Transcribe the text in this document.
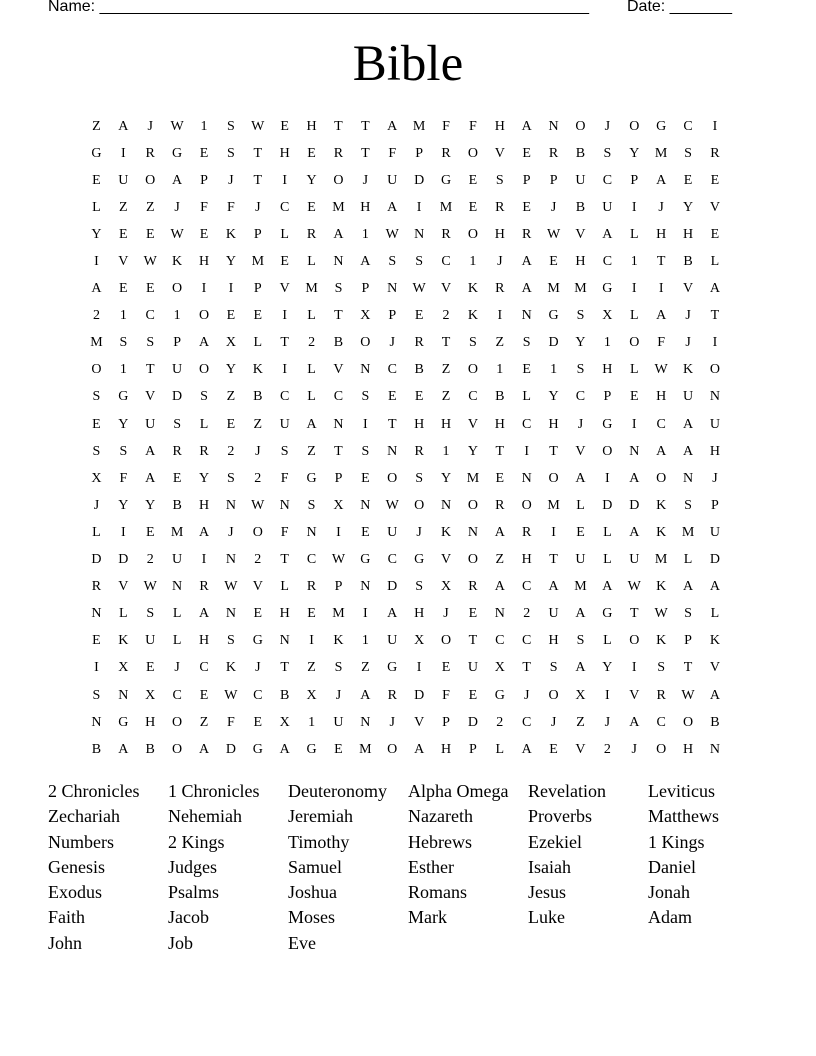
Name: _______________________________________________________ Date: _______
Bible
Z	A	J	W	1	S	W	E	H	T	T	A	M	F	F	H	A	N	O	J	O	G	C	I
G	I	R	G	E	S	T	H	E	R	T	F	P	R	O	V	E	R	B	S	Y	M	S	R
E	U	O	A	P	J	T	I	Y	O	J	U	D	G	E	S	P	P	U	C	P	A	E	E
L	Z	Z	J	F	F	J	C	E	M	H	A	I	M	E	R	E	J	B	U	I	J	Y	V
Y	E	E	W	E	K	P	L	R	A	1	W	N	R	O	H	R	W	V	A	L	H	H	E
I	V	W	K	H	Y	M	E	L	N	A	S	S	C	1	J	A	E	H	C	1	T	B	L
A	E	E	O	I	I	P	V	M	S	P	N	W	V	K	R	A	M	M	G	I	I	V	A
2	1	C	1	O	E	E	I	L	T	X	P	E	2	K	I	N	G	S	X	L	A	J	T
M	S	S	P	A	X	L	T	2	B	O	J	R	T	S	Z	S	D	Y	1	O	F	J	I
O	1	T	U	O	Y	K	I	L	V	N	C	B	Z	O	1	E	1	S	H	L	W	K	O
S	G	V	D	S	Z	B	C	L	C	S	E	E	Z	C	B	L	Y	C	P	E	H	U	N
E	Y	U	S	L	E	Z	U	A	N	I	T	H	H	V	H	C	H	J	G	I	C	A	U
S	S	A	R	R	2	J	S	Z	T	S	N	R	1	Y	T	I	T	V	O	N	A	A	H
X	F	A	E	Y	S	2	F	G	P	E	O	S	Y	M	E	N	O	A	I	A	O	N	J
J	Y	Y	B	H	N	W	N	S	X	N	W	O	N	O	R	O	M	L	D	D	K	S	P
L	I	E	M	A	J	O	F	N	I	E	U	J	K	N	A	R	I	E	L	A	K	M	U
D	D	2	U	I	N	2	T	C	W	G	C	G	V	O	Z	H	T	U	L	U	M	L	D
R	V	W	N	R	W	V	L	R	P	N	D	S	X	R	A	C	A	M	A	W	K	A	A
N	L	S	L	A	N	E	H	E	M	I	A	H	J	E	N	2	U	A	G	T	W	S	L
E	K	U	L	H	S	G	N	I	K	1	U	X	O	T	C	C	H	S	L	O	K	P	K
I	X	E	J	C	K	J	T	Z	S	Z	G	I	E	U	X	T	S	A	Y	I	S	T	V
S	N	X	C	E	W	C	B	X	J	A	R	D	F	E	G	J	O	X	I	V	R	W	A
N	G	H	O	Z	F	E	X	1	U	N	J	V	P	D	2	C	J	Z	J	A	C	O	B
B	A	B	O	A	D	G	A	G	E	M	O	A	H	P	L	A	E	V	2	J	O	H	N
2 Chronicles	1 Chronicles	Deuteronomy	Alpha Omega	Revelation	Leviticus
Zechariah	Nehemiah	Jeremiah	Nazareth	Proverbs	Matthews
Numbers	2 Kings	Timothy	Hebrews	Ezekiel	1 Kings
Genesis	Judges	Samuel	Esther	Isaiah	Daniel
Exodus	Psalms	Joshua	Romans	Jesus	Jonah
Faith	Jacob	Moses	Mark	Luke	Adam
John	Job	Eve
